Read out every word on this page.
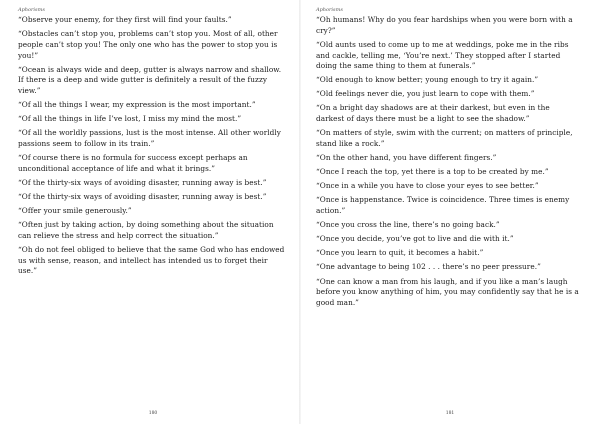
Aphorisms
“Observe your enemy, for they first will find your faults.”
“Obstacles can’t stop you, problems can’t stop you. Most of all, other people can’t stop you! The only one who has the power to stop you is you!”
“Ocean is always wide and deep, gutter is always narrow and shallow. If there is a deep and wide gutter is definitely a result of the fuzzy view.”
“Of all the things I wear, my expression is the most important.”
“Of all the things in life I’ve lost, I miss my mind the most.”
“Of all the worldly passions, lust is the most intense. All other worldly passions seem to follow in its train.”
“Of course there is no formula for success except perhaps an unconditional acceptance of life and what it brings.”
“Of the thirty-six ways of avoiding disaster, running away is best.”
“Of the thirty-six ways of avoiding disaster, running away is best.”
“Offer your smile generously.”
“Often just by taking action, by doing something about the situation can relieve the stress and help correct the situation.”
“Oh do not feel obliged to believe that the same God who has endowed us with sense, reason, and intellect has intended us to forget their use.”
180
Aphorisms
“Oh humans! Why do you fear hardships when you were born with a cry?”
“Old aunts used to come up to me at weddings, poke me in the ribs and cackle, telling me, ‘You’re next.’ They stopped after I started doing the same thing to them at funerals.”
“Old enough to know better; young enough to try it again.”
“Old feelings never die, you just learn to cope with them.”
“On a bright day shadows are at their darkest, but even in the darkest of days there must be a light to see the shadow.”
“On matters of style, swim with the current; on matters of principle, stand like a rock.”
“On the other hand, you have different fingers.”
“Once I reach the top, yet there is a top to be created by me.”
“Once in a while you have to close your eyes to see better.”
“Once is happenstance. Twice is coincidence. Three times is enemy action.”
“Once you cross the line, there’s no going back.”
“Once you decide, you’ve got to live and die with it.”
“Once you learn to quit, it becomes a habit.”
“One advantage to being 102 . . . there’s no peer pressure.”
“One can know a man from his laugh, and if you like a man’s laugh before you know anything of him, you may confidently say that he is a good man.”
181
